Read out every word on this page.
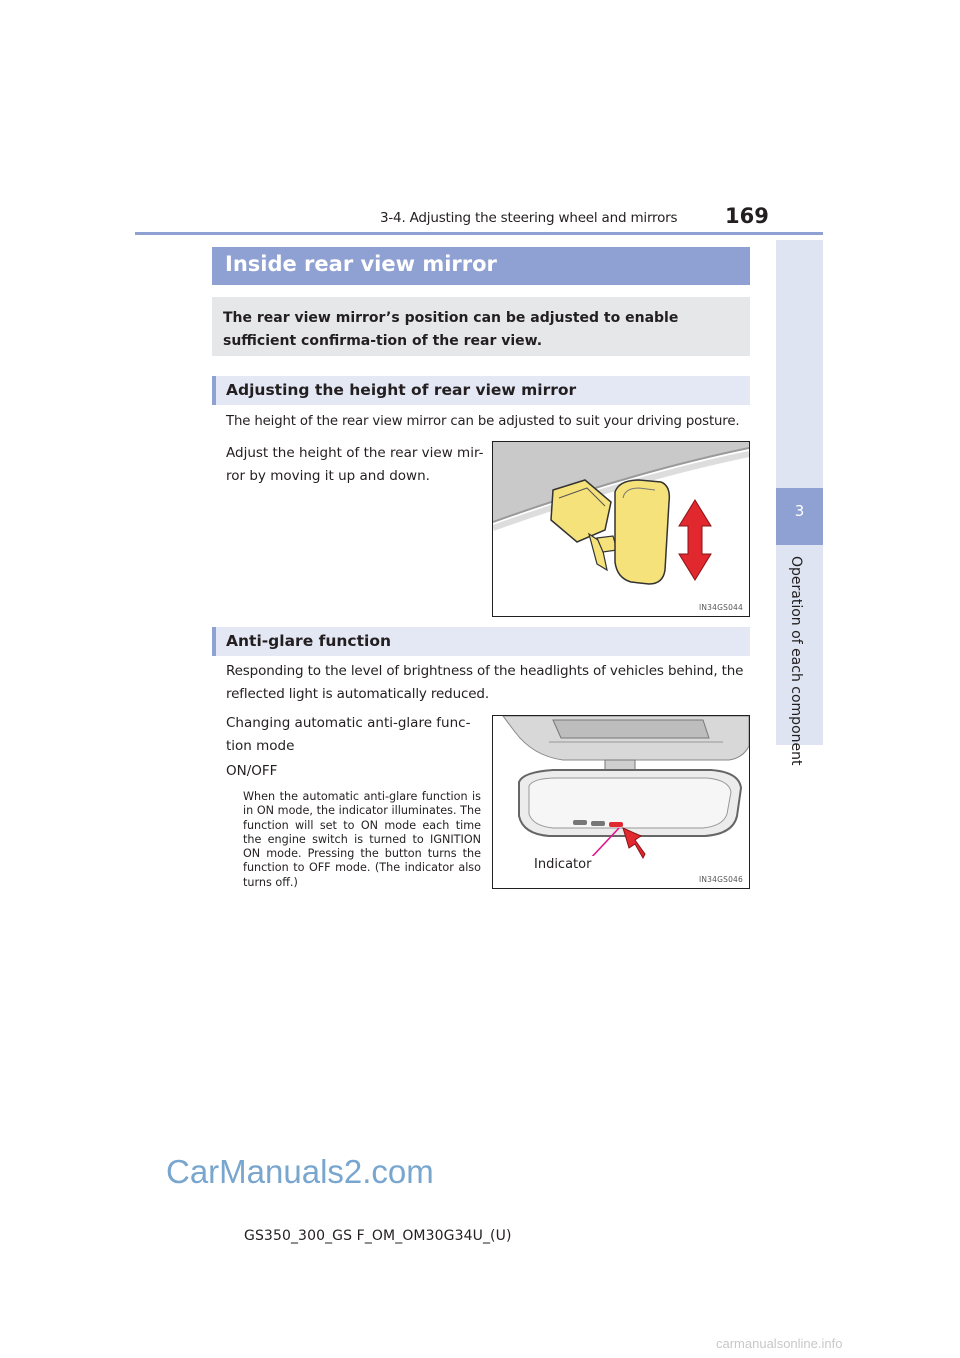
3-4. Adjusting the steering wheel and mirrors 169
3
Operation of each component
Inside rear view mirror

The rear view mirror’s position can be adjusted to enable sufficient confirma-tion of the rear view.

Adjusting the height of rear view mirror

The height of the rear view mirror can be adjusted to suit your driving posture.

Adjust the height of the rear view mir-ror by moving it up and down.

IN34GS044
Anti-glare function

Responding to the level of brightness of the headlights of vehicles behind, the reflected light is automatically reduced.

Changing automatic anti-glare func-tion mode

ON/OFF

When the automatic anti-glare function is in ON mode, the indicator illuminates. The function will set to ON mode each time the engine switch is turned to IGNITION ON mode. Pressing the button turns the function to OFF mode. (The indicator also turns off.)

Indicator
IN34GS046
CarManuals2.com
GS350_300_GS F_OM_OM30G34U_(U)
carmanualsonline.info
